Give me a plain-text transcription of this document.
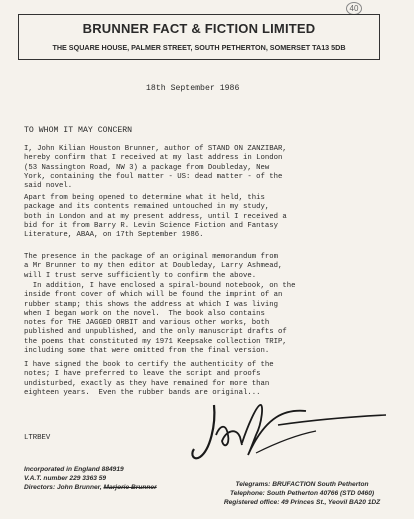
40
BRUNNER FACT & FICTION LIMITED
THE SQUARE HOUSE, PALMER STREET, SOUTH PETHERTON, SOMERSET TA13 5DB
18th September 1986
TO WHOM IT MAY CONCERN
I, John Kilian Houston Brunner, author of STAND ON ZANZIBAR,
hereby confirm that I received at my last address in London
(53 Nassington Road, NW 3) a package from Doubleday, New
York, containing the foul matter - US: dead matter - of the
said novel.
Apart from being opened to determine what it held, this
package and its contents remained untouched in my study,
both in London and at my present address, until I received a
bid for it from Barry R. Levin Science Fiction and Fantasy
Literature, ABAA, on 17th September 1986.
The presence in the package of an original memorandum from
a Mr Brunner to my then editor at Doubleday, Larry Ashmead,
will I trust serve sufficiently to confirm the above.
In addition, I have enclosed a spiral-bound notebook, on the
inside front cover of which will be found the imprint of an
rubber stamp; this shows the address at which I was living
when I began work on the novel.  The book also contains
notes for THE JAGGED ORBIT and various other works, both
published and unpublished, and the only manuscript drafts of
the poems that constituted my 1971 Keepsake collection TRIP,
including some that were omitted from the final version.
I have signed the book to certify the authenticity of the
notes; I have preferred to leave the script and proofs
undisturbed, exactly as they have remained for more than
eighteen years.  Even the rubber bands are original...
LTRBEV
Incorporated in England 884919
V.A.T. number 229 3363 59
Directors: John Brunner, Marjorie Brunner	Telegrams: BRUFACTION South Petherton
Telephone: South Petherton 40766 (STD 0460)
Registered office: 49 Princes St., Yeovil BA20 1DZ
